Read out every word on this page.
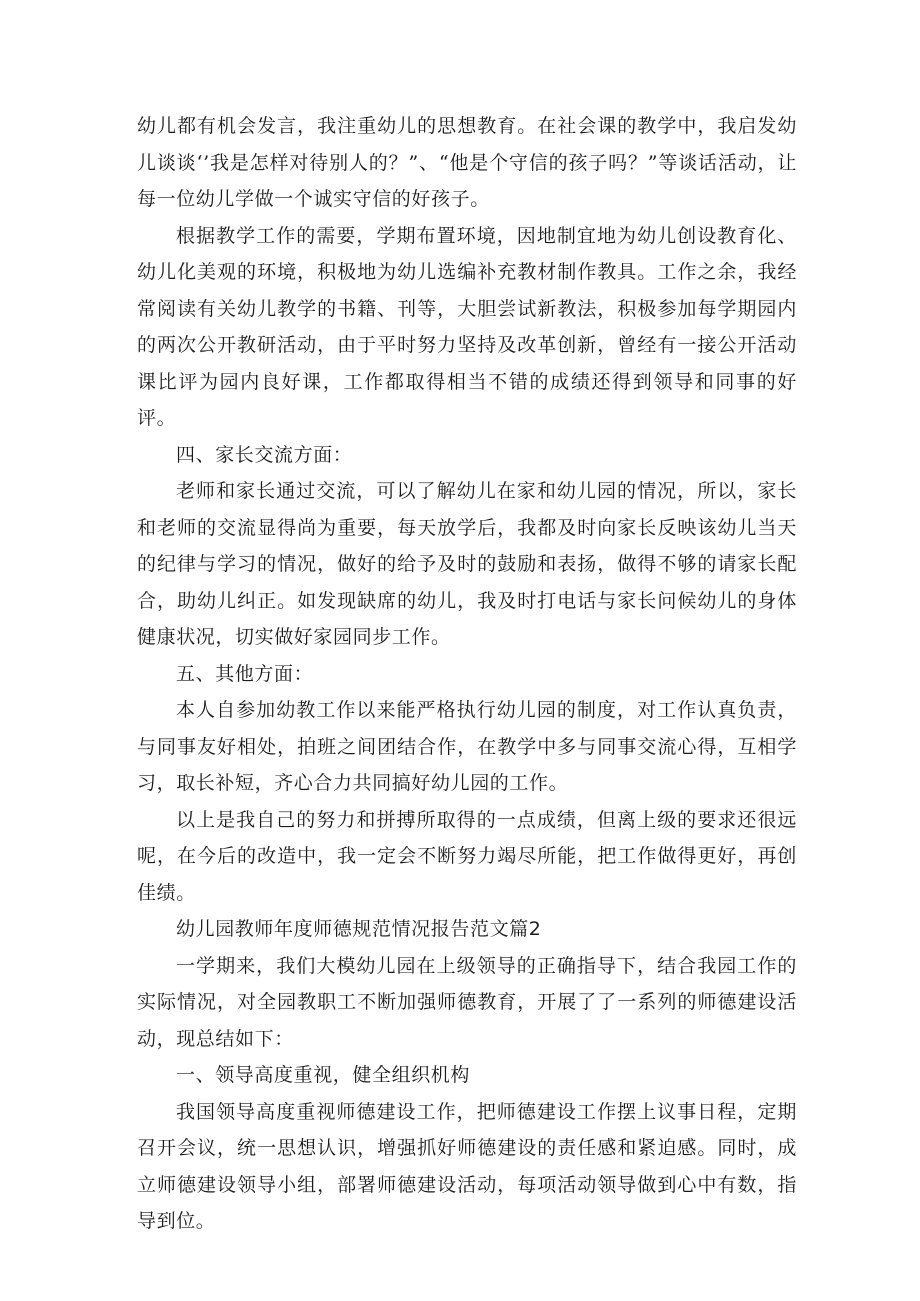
幼儿都有机会发言，我注重幼儿的思想教育。在社会课的教学中，我启发幼儿谈谈‘’我是怎样对待别人的？”、“他是个守信的孩子吗？”等谈话活动，让每一位幼儿学做一个诚实守信的好孩子。

根据教学工作的需要，学期布置环境，因地制宜地为幼儿创设教育化、幼儿化美观的环境，积极地为幼儿选编补充教材制作教具。工作之余，我经常阅读有关幼儿教学的书籍、刊等，大胆尝试新教法，积极参加每学期园内的两次公开教研活动，由于平时努力坚持及改革创新，曾经有一接公开活动课比评为园内良好课，工作都取得相当不错的成绩还得到领导和同事的好评。

四、家长交流方面：

老师和家长通过交流，可以了解幼儿在家和幼儿园的情况，所以，家长和老师的交流显得尚为重要，每天放学后，我都及时向家长反映该幼儿当天的纪律与学习的情况，做好的给予及时的鼓励和表扬，做得不够的请家长配合，助幼儿纠正。如发现缺席的幼儿，我及时打电话与家长问候幼儿的身体健康状况，切实做好家园同步工作。

五、其他方面：

本人自参加幼教工作以来能严格执行幼儿园的制度，对工作认真负责，与同事友好相处，拍班之间团结合作，在教学中多与同事交流心得，互相学习，取长补短，齐心合力共同搞好幼儿园的工作。

以上是我自己的努力和拼搏所取得的一点成绩，但离上级的要求还很远呢，在今后的改造中，我一定会不断努力竭尽所能，把工作做得更好，再创佳绩。

幼儿园教师年度师德规范情况报告范文篇2

一学期来，我们大模幼儿园在上级领导的正确指导下，结合我园工作的实际情况，对全园教职工不断加强师德教育，开展了了一系列的师德建设活动，现总结如下：

一、领导高度重视，健全组织机构

我国领导高度重视师德建设工作，把师德建设工作摆上议事日程，定期召开会议，统一思想认识，增强抓好师德建设的责任感和紧迫感。同时，成立师德建设领导小组，部署师德建设活动，每项活动领导做到心中有数，指导到位。
